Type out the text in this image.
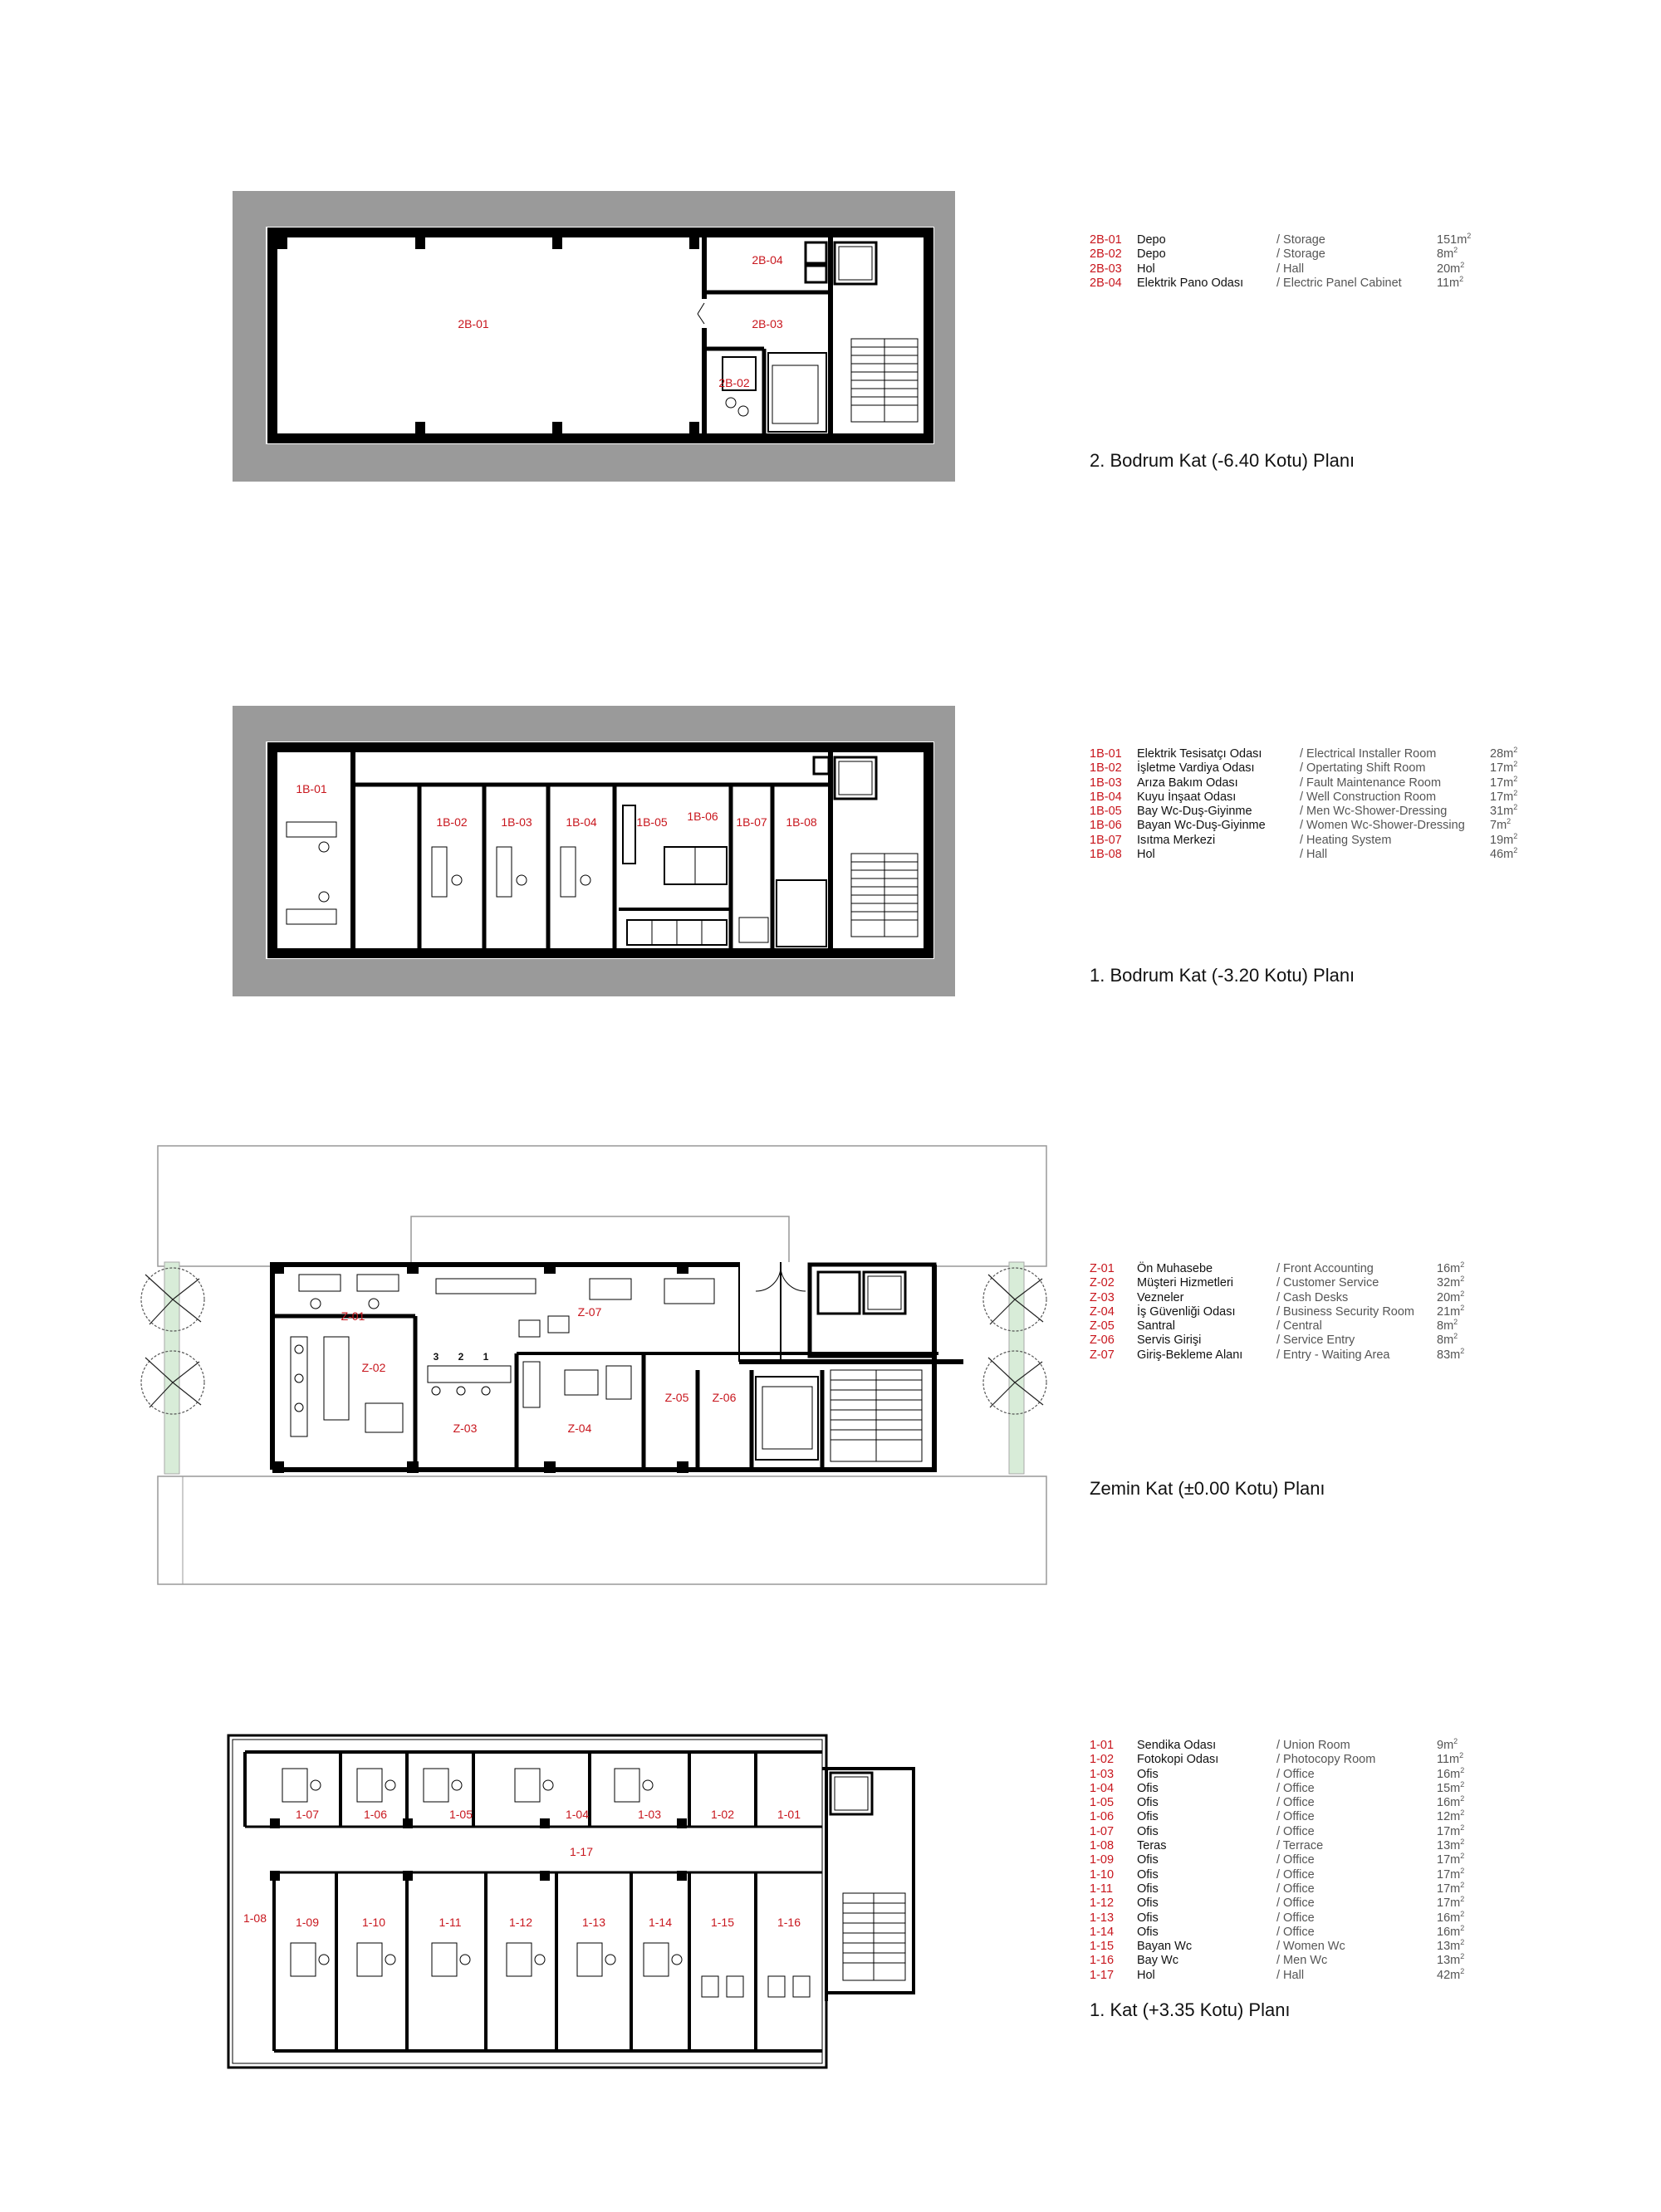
2B-01
2B-04
2B-03
2B-02
2B-01 Depo	/ Storage	$151m^2$
2B-02 Depo	/ Storage	$8m^2$
2B-03 Hol	/ Hall	$20m^2$
2B-04 Elektrik Pano Odası	/ Electric Panel Cabinet	$11m^2$
2. Bodrum Kat (-6.40 Kotu) Planı
1B-01
1B-02	1B-03	1B-04	1B-05 1B-06 1B-07 1B-08
1B-01 Elektrik Tesisatçı Odası	/ Electrical Installer Room	$28m^2$
1B-02 İşletme Vardiya Odası	/ Opertating Shift Room	$17m^2$
1B-03 Arıza Bakım Odası	/ Fault Maintenance Room	$17m^2$
1B-04 Kuyu İnşaat Odası	/ Well Construction Room	$17m^2$
1B-05 Bay Wc-Duş-Giyinme	/ Men Wc-Shower-Dressing	$31m^2$
1B-06 Bayan Wc-Duş-Giyinme	/ Women Wc-Shower-Dressing $7m^2$
1B-07 Isıtma Merkezi	/ Heating System	$19m^2$
1B-08 Hol	/ Hall	$46m^2$
1. Bodrum Kat (-3.20 Kotu) Planı
Z-01
Z-02
Z-03	Z-04
Z-05 Z-06
Z-07
3 2 1
Z-01 Ön Muhasebe	/ Front Accounting	$16m^2$
Z-02 Müşteri Hizmetleri	/ Customer Service	$32m^2$
Z-03 Vezneler	/ Cash Desks	$20m^2$
Z-04 İş Güvenliği Odası	/ Business Security Room $21m^2$
Z-05 Santral	/ Central	$8m^2$
Z-06 Servis Girişi	/ Service Entry	$8m^2$
Z-07 Giriş-Bekleme Alanı	/ Entry - Waiting Area	$83m^2$
Zemin Kat (±0.00 Kotu) Planı
1-01
1-02
1-03
1-04
1-05
1-06
1-07
1-08 1-09	1-10	1-11	1-12	1-13	1-14	1-15	1-16
1-17
1-01 Sendika Odası	/ Union Room	$9m^2$
1-02 Fotokopi Odası	/ Photocopy Room	$11m^2$
1-03 Ofis	/ Office	$16m^2$
1-04 Ofis	/ Office	$15m^2$
1-05 Ofis	/ Office	$16m^2$
1-06 Ofis	/ Office	$12m^2$
1-07 Ofis	/ Office	$17m^2$
1-08 Teras	/ Terrace	$13m^2$
1-09 Ofis	/ Office	$17m^2$
1-10 Ofis	/ Office	$17m^2$
1-11 Ofis	/ Office	$17m^2$
1-12 Ofis	/ Office	$17m^2$
1-13 Ofis	/ Office	$16m^2$
1-14 Ofis	/ Office	$16m^2$
1-15 Bayan Wc	/ Women Wc	$13m^2$
1-16 Bay Wc	/ Men Wc	$13m^2$
1-17 Hol	/ Hall	$42m^2$
1. Kat (+3.35 Kotu) Planı
